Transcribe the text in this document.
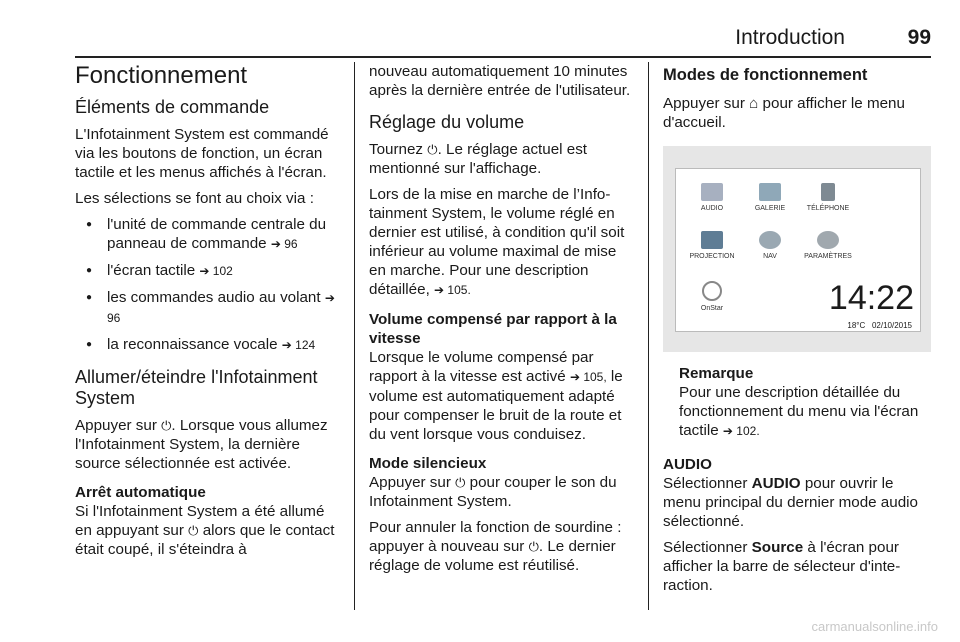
Introduction	99
Fonctionnement
Éléments de commande

L'Infotainment System est commandé via les boutons de fonction, un écran tactile et les menus affichés à l'écran.

Les sélections se font au choix via :

● l'unité de commande centrale du panneau de commande ➔ 96
● l'écran tactile ➔ 102
● les commandes audio au volant ➔ 96
● la reconnaissance vocale ➔ 124
Allumer/éteindre l'Infotainment System

Appuyer sur ⏻. Lorsque vous allumez l'Infotainment System, la dernière source sélectionnée est activée.

Arrêt automatique

Si l'Infotainment System a été allumé en appuyant sur ⏻ alors que le contact était coupé, il s'éteindra à

nouveau automatiquement 10 minutes après la dernière entrée de l'utilisateur.

Réglage du volume

Tournez ⏻. Le réglage actuel est mentionné sur l'affichage.

Lors de la mise en marche de l’Infotainment System, le volume réglé en dernier est utilisé, à condition qu'il soit inférieur au volume maximal de mise en marche. Pour une description détaillée, ➔ 105.

Volume compensé par rapport à la vitesse

Lorsque le volume compensé par rapport à la vitesse est activé ➔ 105, le volume est automatiquement adapté pour compenser le bruit de la route et du vent lorsque vous conduisez.

Mode silencieux

Appuyer sur ⏻ pour couper le son du Infotainment System.

Pour annuler la fonction de sourdine : appuyer à nouveau sur ⏻. Le dernier réglage de volume est réutilisé.

Modes de fonctionnement

Appuyer sur ⌂ pour afficher le menu d'accueil.

AUDIO	GALERIE	TÉLÉPHONE
PROJECTION	NAV	PARAMÈTRES
OnStar	14:22
18°C 02/10/2015
Remarque
Pour une description détaillée du fonctionnement du menu via l'écran tactile ➔ 102.

AUDIO

Sélectionner AUDIO pour ouvrir le menu principal du dernier mode audio sélectionné.

Sélectionner Source à l'écran pour afficher la barre de sélecteur d'interaction.

carmanualsonline.info
